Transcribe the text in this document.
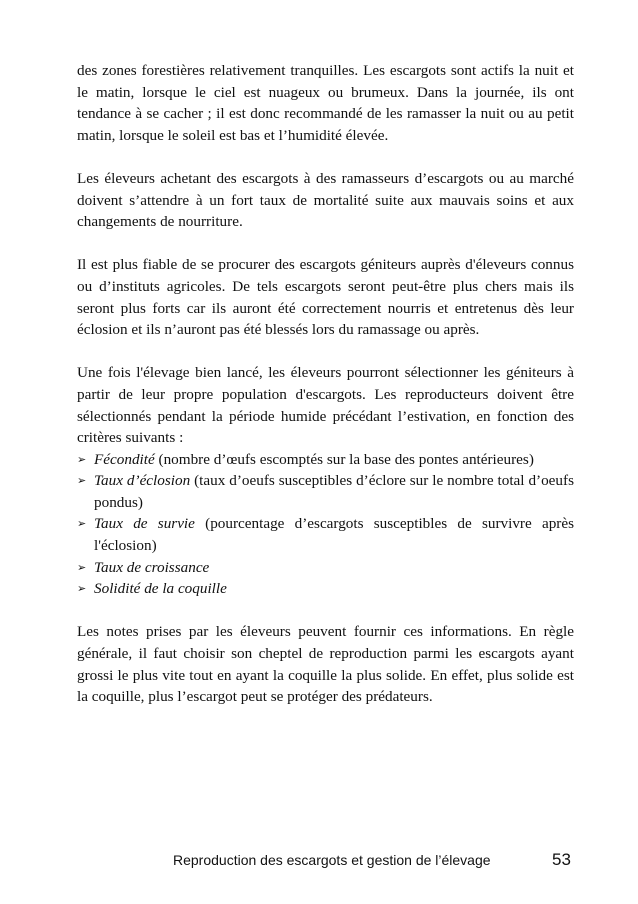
des zones forestières relativement tranquilles. Les escargots sont actifs la nuit et le matin, lorsque le ciel est nuageux ou brumeux. Dans la journée, ils ont tendance à se cacher ; il est donc recommandé de les ramasser la nuit ou au petit matin, lorsque le soleil est bas et l’humidité élevée.

Les éleveurs achetant des escargots à des ramasseurs d’escargots ou au marché doivent s’attendre à un fort taux de mortalité suite aux mauvais soins et aux changements de nourriture.

Il est plus fiable de se procurer des escargots géniteurs auprès d'éleveurs connus ou d’instituts agricoles. De tels escargots seront peut-être plus chers mais ils seront plus forts car ils auront été correctement nourris et entretenus dès leur éclosion et ils n’auront pas été blessés lors du ramassage ou après.

Une fois l'élevage bien lancé, les éleveurs pourront sélectionner les géniteurs à partir de leur propre population d'escargots. Les reproducteurs doivent être sélectionnés pendant la période humide précédant l’estivation, en fonction des critères suivants :

➢ Fécondité (nombre d’œufs escomptés sur la base des pontes antérieures)
➢ Taux d’éclosion (taux d’oeufs susceptibles d’éclore sur le nombre total d’oeufs pondus)
➢ Taux de survie (pourcentage d’escargots susceptibles de survivre après l'éclosion)
➢ Taux de croissance
➢ Solidité de la coquille

Les notes prises par les éleveurs peuvent fournir ces informations. En règle générale, il faut choisir son cheptel de reproduction parmi les escargots ayant grossi le plus vite tout en ayant la coquille la plus solide. En effet, plus solide est la coquille, plus l’escargot peut se protéger des prédateurs.

Reproduction des escargots et gestion de l’élevage	53
